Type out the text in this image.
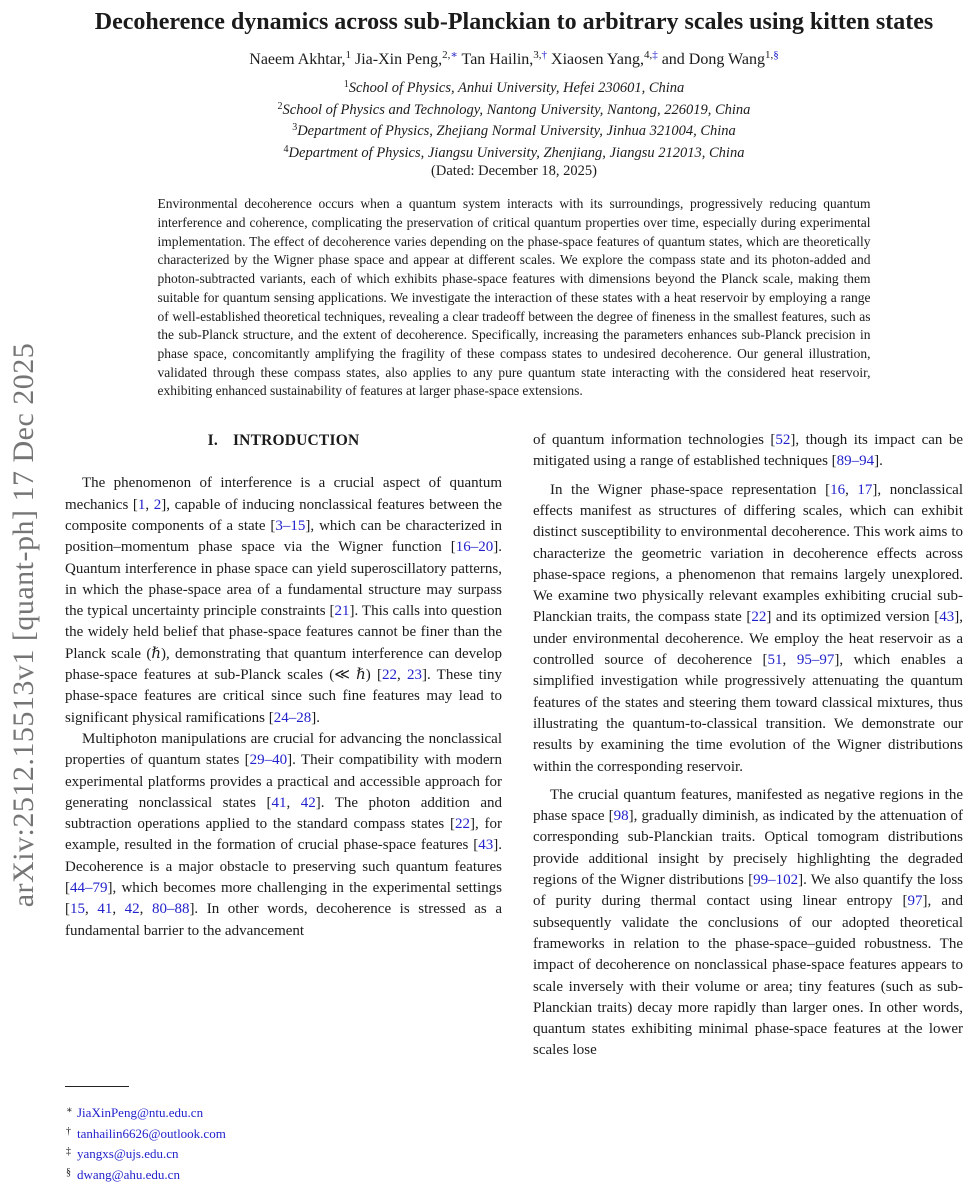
arXiv:2512.15513v1 [quant-ph] 17 Dec 2025
Decoherence dynamics across sub-Planckian to arbitrary scales using kitten states
Naeem Akhtar,$^1$ Jia-Xin Peng,$^{2,∗}$ Tan Hailin,$^{3,\dagger}$ Xiaosen Yang,$^{4,\ddagger}$ and Dong Wang$^{1,\S}$
$^1$School of Physics, Anhui University, Hefei 230601, China
$^2$School of Physics and Technology, Nantong University, Nantong, 226019, China
$^3$Department of Physics, Zhejiang Normal University, Jinhua 321004, China
$^4$Department of Physics, Jiangsu University, Zhenjiang, Jiangsu 212013, China
(Dated: December 18, 2025)
Environmental decoherence occurs when a quantum system interacts with its surroundings, progressively reducing quantum interference and coherence, complicating the preservation of critical quantum properties over time, especially during experimental implementation. The effect of decoherence varies depending on the phase-space features of quantum states, which are theoretically characterized by the Wigner phase space and appear at different scales. We explore the compass state and its photon-added and photon-subtracted variants, each of which exhibits phase-space features with dimensions beyond the Planck scale, making them suitable for quantum sensing applications. We investigate the interaction of these states with a heat reservoir by employing a range of well-established theoretical techniques, revealing a clear tradeoff between the degree of fineness in the smallest features, such as the sub-Planck structure, and the extent of decoherence. Specifically, increasing the parameters enhances sub-Planck precision in phase space, concomitantly amplifying the fragility of these compass states to undesired decoherence. Our general illustration, validated through these compass states, also applies to any pure quantum state interacting with the considered heat reservoir, exhibiting enhanced sustainability of features at larger phase-space extensions.
I. INTRODUCTION

The phenomenon of interference is a crucial aspect of quantum mechanics [1, 2], capable of inducing nonclassical features between the composite components of a state [3–15], which can be characterized in position–momentum phase space via the Wigner function [16–20]. Quantum interference in phase space can yield superoscillatory patterns, in which the phase-space area of a fundamental structure may surpass the typical uncertainty principle constraints [21]. This calls into question the widely held belief that phase-space features cannot be finer than the Planck scale (ℏ), demonstrating that quantum interference can develop phase-space features at sub-Planck scales (≪ ℏ) [22, 23]. These tiny phase-space features are critical since such fine features may lead to significant physical ramifications [24–28].

Multiphoton manipulations are crucial for advancing the nonclassical properties of quantum states [29–40]. Their compatibility with modern experimental platforms provides a practical and accessible approach for generating nonclassical states [41, 42]. The photon addition and subtraction operations applied to the standard compass states [22], for example, resulted in the formation of crucial phase-space features [43]. Decoherence is a major obstacle to preserving such quantum features [44–79], which becomes more challenging in the experimental settings [15, 41, 42, 80–88]. In other words, decoherence is stressed as a fundamental barrier to the advancement

of quantum information technologies [52], though its impact can be mitigated using a range of established techniques [89–94].

In the Wigner phase-space representation [16, 17], nonclassical effects manifest as structures of differing scales, which can exhibit distinct susceptibility to environmental decoherence. This work aims to characterize the geometric variation in decoherence effects across phase-space regions, a phenomenon that remains largely unexplored. We examine two physically relevant examples exhibiting crucial sub-Planckian traits, the compass state [22] and its optimized version [43], under environmental decoherence. We employ the heat reservoir as a controlled source of decoherence [51, 95–97], which enables a simplified investigation while progressively attenuating the quantum features of the states and steering them toward classical mixtures, thus illustrating the quantum-to-classical transition. We demonstrate our results by examining the time evolution of the Wigner distributions within the corresponding reservoir.

The crucial quantum features, manifested as negative regions in the phase space [98], gradually diminish, as indicated by the attenuation of corresponding sub-Planckian traits. Optical tomogram distributions provide additional insight by precisely highlighting the degraded regions of the Wigner distributions [99–102]. We also quantify the loss of purity during thermal contact using linear entropy [97], and subsequently validate the conclusions of our adopted theoretical frameworks in relation to the phase-space–guided robustness. The impact of decoherence on nonclassical phase-space features appears to scale inversely with their volume or area; tiny features (such as sub-Planckian traits) decay more rapidly than larger ones. In other words, quantum states exhibiting minimal phase-space features at the lower scales lose

∗ JiaXinPeng@ntu.edu.cn
† tanhailin6626@outlook.com
‡ yangxs@ujs.edu.cn
§ dwang@ahu.edu.cn
